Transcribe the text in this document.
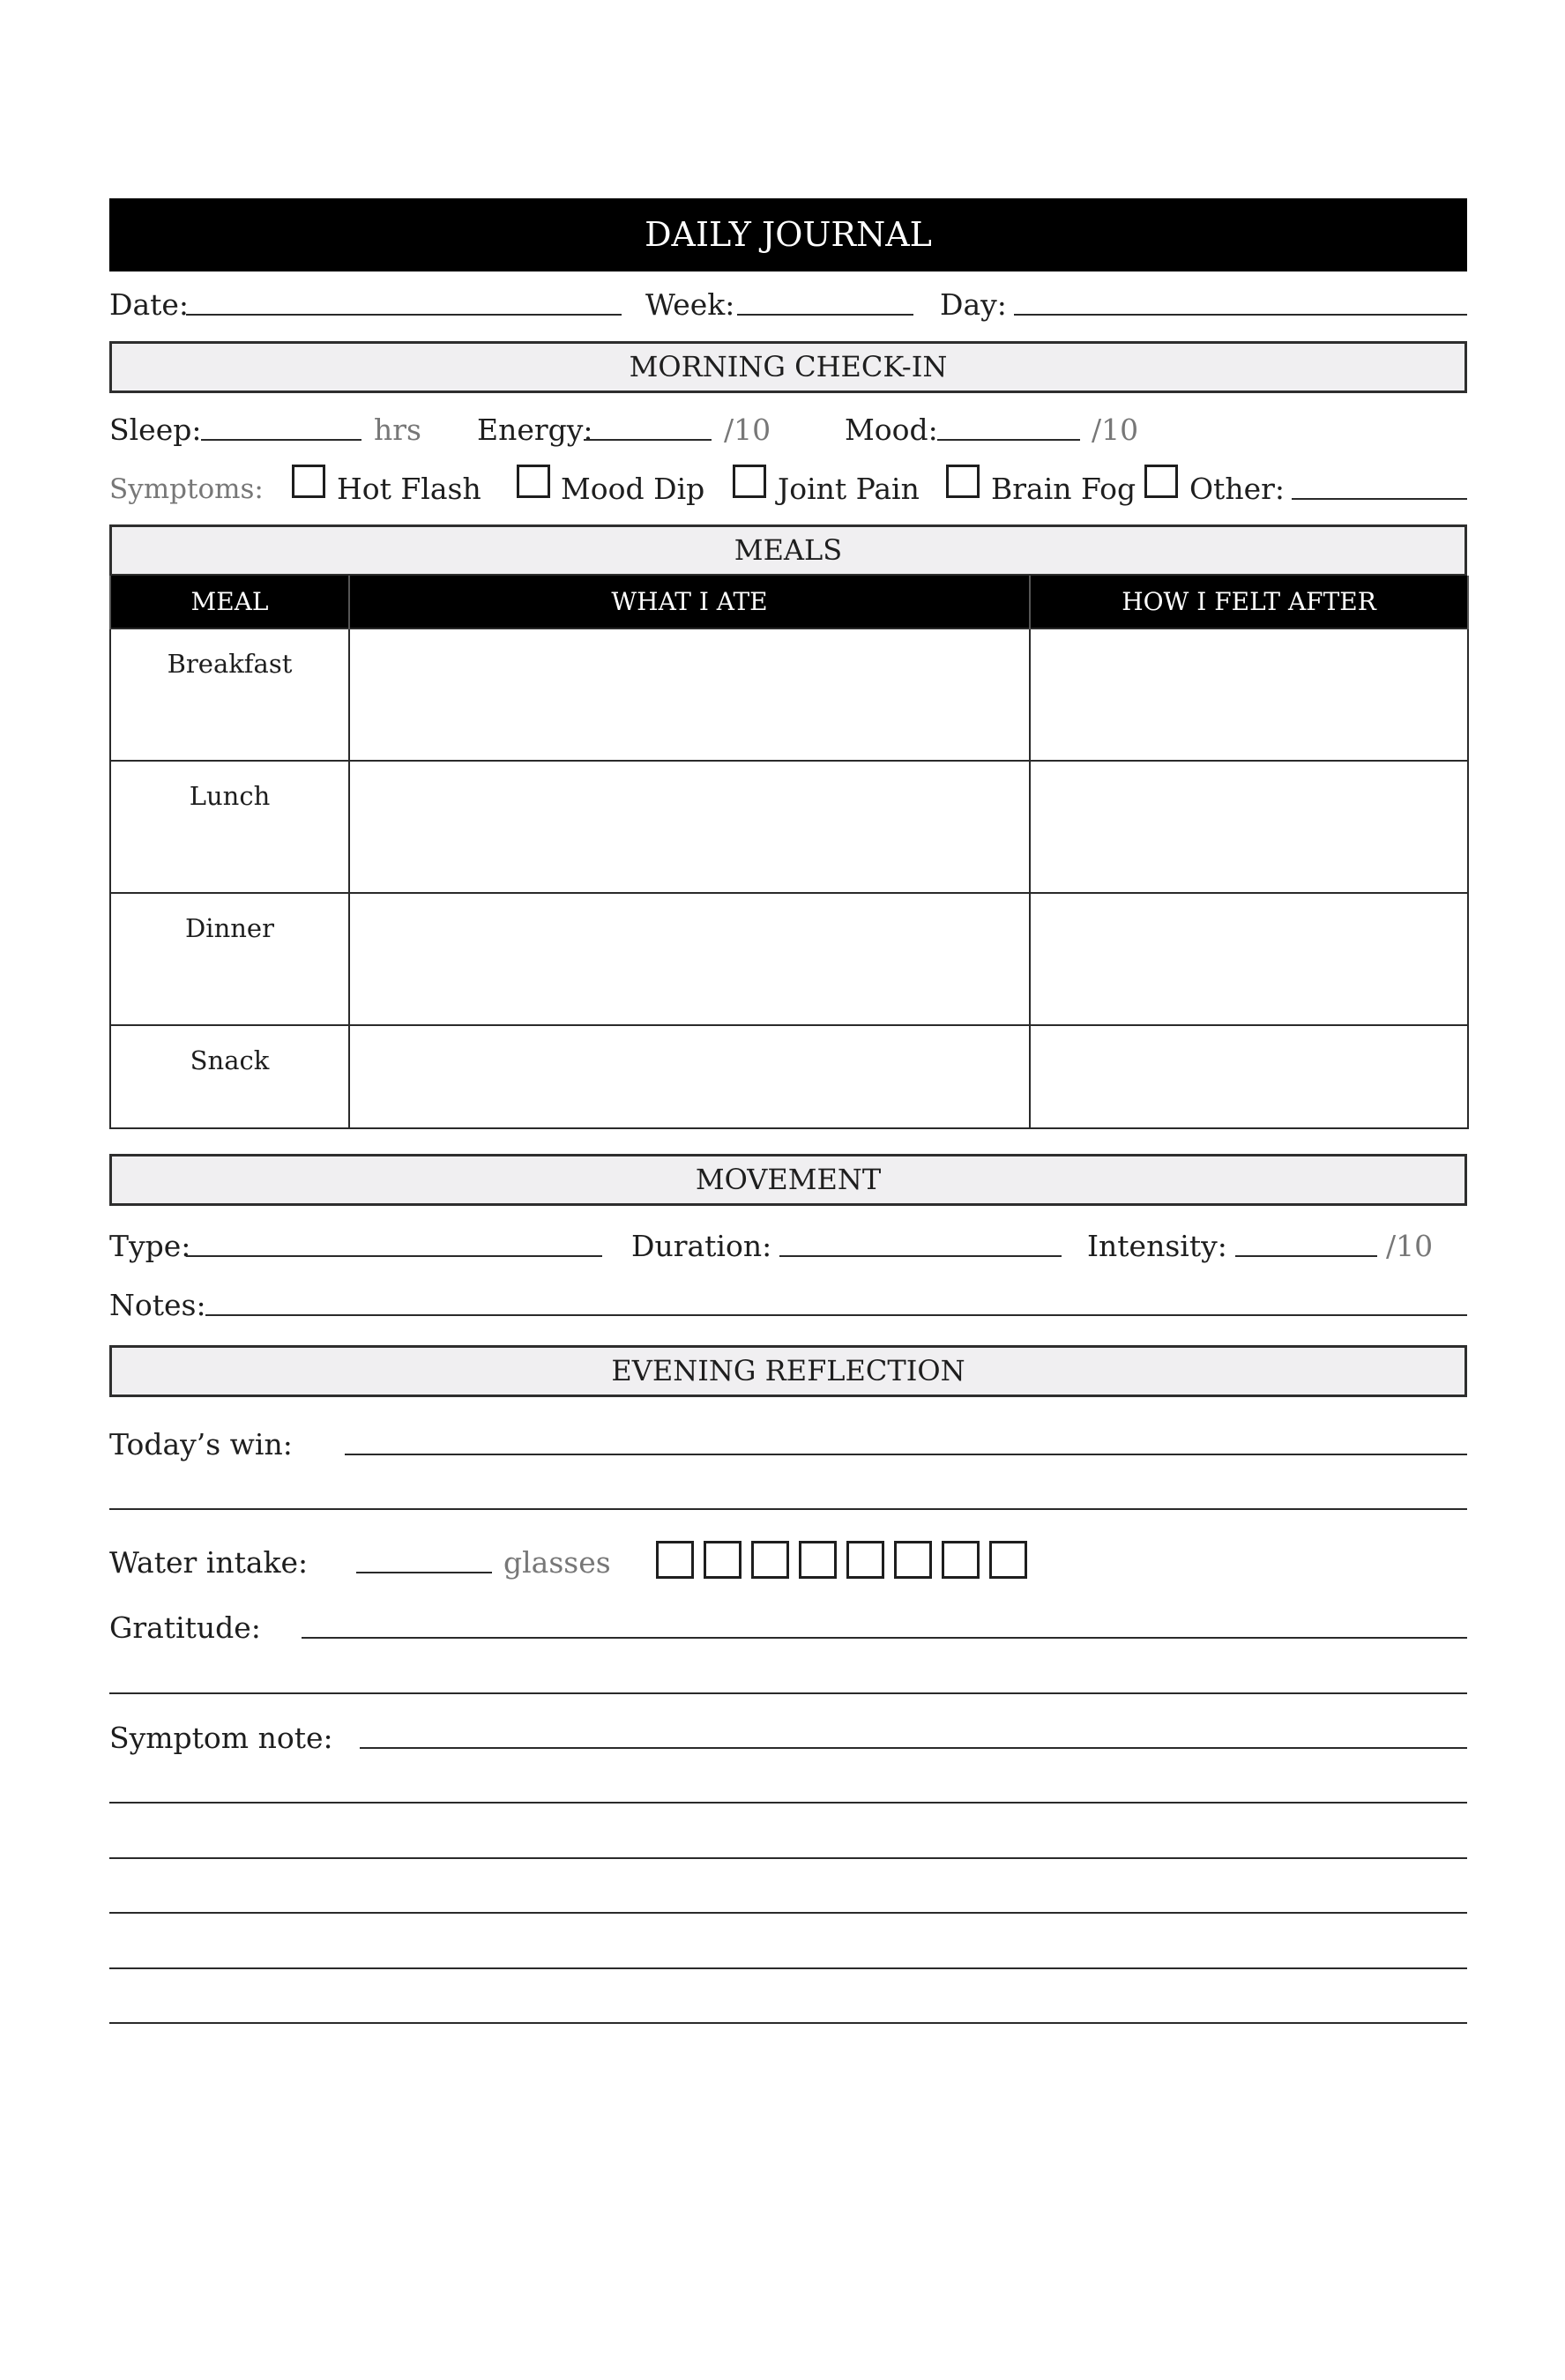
DAILY JOURNAL
Date:	Week:	Day:
MORNING CHECK-IN
Sleep:	hrs Energy:	/10	Mood:	/10
Symptoms:	Hot Flash	Mood Dip	Joint Pain Brain Fog Other:
MEALS
MEAL	WHAT I ATE	HOW I FELT AFTER
Breakfast		
Lunch		
Dinner		
Snack		
MOVEMENT
Type:	Duration:	Intensity:	/10
Notes:
EVENING REFLECTION
Today’s win:
Water intake:	glasses
Gratitude:
Symptom note:
